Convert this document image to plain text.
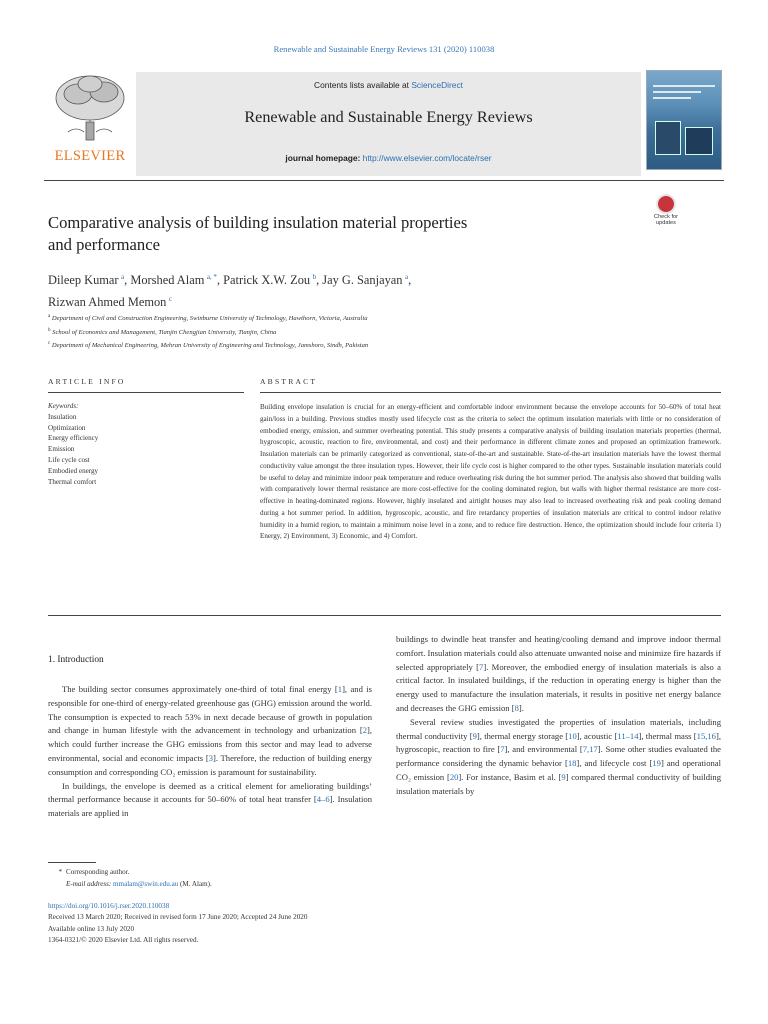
Renewable and Sustainable Energy Reviews 131 (2020) 110038
ELSEVIER
Contents lists available at ScienceDirect
Renewable and Sustainable Energy Reviews
journal homepage: http://www.elsevier.com/locate/rser
Comparative analysis of building insulation material properties
and performance
Check for
updates
Dileep Kumar  $^a$, Morshed Alam  $^{a, *}$, Patrick X.W. Zou  $^b$, Jay G. Sanjayan  $^a$,
Rizwan Ahmed Memon  $^c$
$^a$ Department of Civil and Construction Engineering, Swinburne University of Technology, Hawthorn, Victoria, Australia
$^b$ School of Economics and Management, Tianjin Chengjian University, Tianjin, China
$^c$ Department of Mechanical Engineering, Mehran University of Engineering and Technology, Jamshoro, Sindh, Pakistan
ARTICLE INFO	ABSTRACT
Keywords:
Insulation
Optimization
Energy efficiency
Emission
Life cycle cost
Embodied energy
Thermal comfort
Building envelope insulation is crucial for an energy-efficient and comfortable indoor environment because the envelope accounts for 50–60% of total heat gain/loss in a building. Previous studies mostly used lifecycle cost as the criteria to select the optimum insulation materials with little or no consideration of embodied energy, emission, and summer overheating potential. This study presents a comparative analysis of building insulation materials properties (thermal, hygroscopic, acoustic, reaction to fire, environmental, and cost) and their performance in different climate zones and proposed an optimization framework. Insulation materials can be primarily categorized as conventional, state-of-the-art and sustainable. State-of-the-art insulation materials have the lowest thermal conductivity value amongst the three insulation types. However, their life cycle cost is higher compared to the other types. Sustainable insulation materials could be useful to delay and minimize indoor peak temperature and reduce overheating risk during the hot summer period. The analysis also showed that building walls with comparatively lower thermal resistance are more cost-effective for the cooling dominated region, but walls with higher thermal resistance are more cost-effective in heating-dominated regions. However, highly insulated and airtight houses may also lead to increased overheating risk and peak cooling demand during a hot summer period. In addition, hygroscopic, acoustic, and fire retardancy properties of insulation materials are critical to control indoor relative humidity in a humid region, to maintain a minimum noise level in a zone, and to reduce fire destruction. Hence, the optimization should include four criteria 1) Energy, 2) Environment, 3) Economic, and 4) Comfort.
1. Introduction

The building sector consumes approximately one-third of total final energy [1], and is responsible for one-third of energy-related greenhouse gas (GHG) emission around the world. The consumption is expected to reach 53% in next decade because of growth in population and change in human lifestyle with the advancement in technology and urbanization [2], which could further increase the GHG emissions from this sector and may lead to adverse environmental, social and economic impacts [3]. Therefore, the reduction of building energy consumption and corresponding CO₂ emission is paramount for sustainability.

In buildings, the envelope is deemed as a critical element for ameliorating buildings’ thermal performance because it accounts for 50–60% of total heat transfer [4–6]. Insulation materials are applied in

buildings to dwindle heat transfer and heating/cooling demand and improve indoor thermal comfort. Insulation materials could also attenuate unwanted noise and minimize fire hazards if selected appropriately [7]. Moreover, the embodied energy of insulation materials is also a critical factor. In insulated buildings, if the reduction in operating energy is higher than the energy used to manufacture the insulation materials, it results in positive net energy balance and decreases the GHG emission [8].

Several review studies investigated the properties of insulation materials, including thermal conductivity [9], thermal energy storage [10], acoustic [11–14], thermal mass [15,16], hygroscopic, reaction to fire [7], and environmental [7,17]. Some other studies evaluated the performance considering the dynamic behavior [18], and lifecycle cost [19] and operational CO₂ emission [20]. For instance, Basim et al. [9] compared thermal conductivity of building insulation materials by

* Corresponding author.
E-mail address: mmalam@swin.edu.au (M. Alam).
https://doi.org/10.1016/j.rser.2020.110038
Received 13 March 2020; Received in revised form 17 June 2020; Accepted 24 June 2020
Available online 13 July 2020
1364-0321/© 2020 Elsevier Ltd. All rights reserved.
